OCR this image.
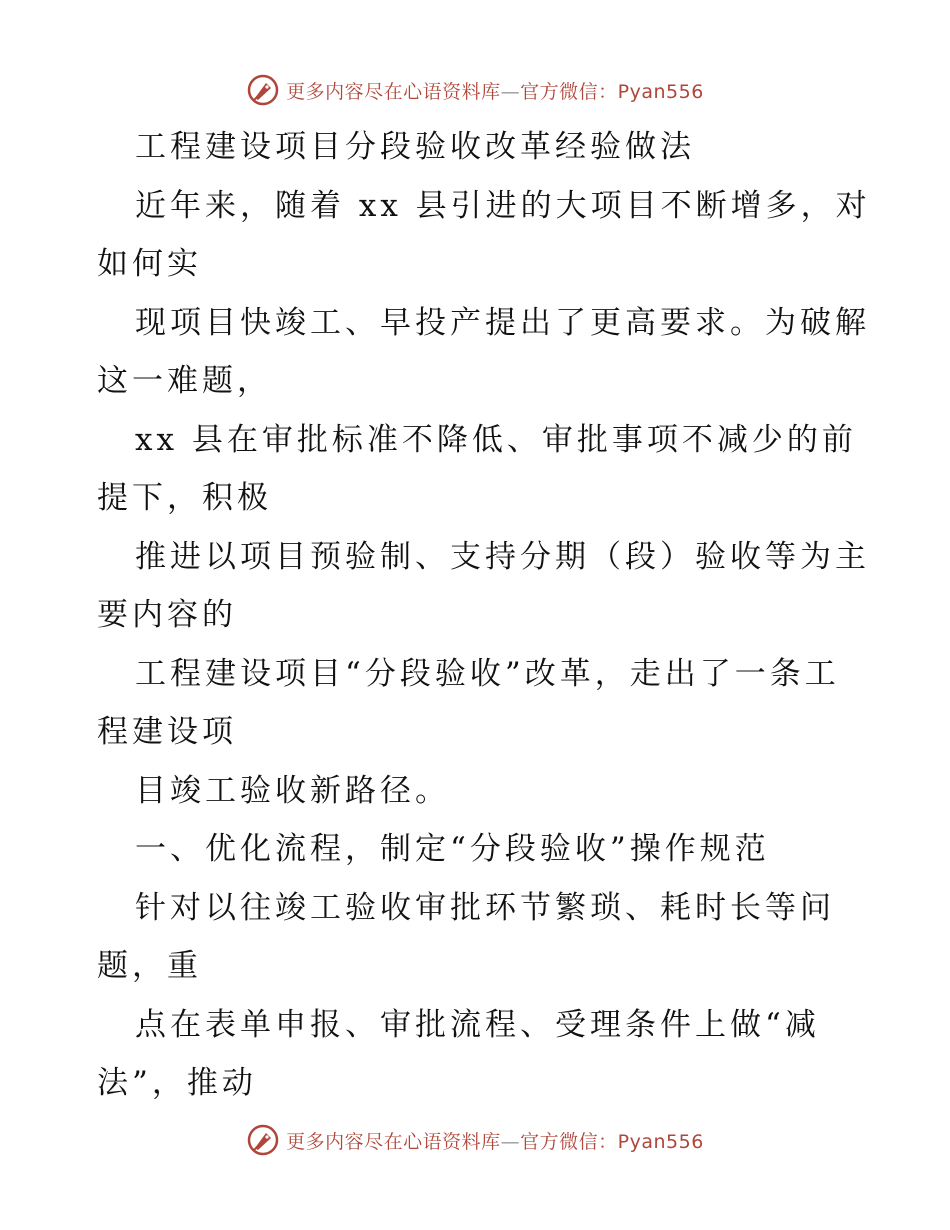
更多内容尽在心语资料库—官方微信：Pyan556
工程建设项目分段验收改革经验做法
近年来，随着 xx 县引进的大项目不断增多，对
如何实
现项目快竣工、早投产提出了更高要求。为破解
这一难题，
xx 县在审批标准不降低、审批事项不减少的前
提下，积极
推进以项目预验制、支持分期（段）验收等为主
要内容的
工程建设项目“分段验收”改革，走出了一条工
程建设项
目竣工验收新路径。
一、优化流程，制定“分段验收”操作规范
针对以往竣工验收审批环节繁琐、耗时长等问
题，重
点在表单申报、审批流程、受理条件上做“减
法”，推动
更多内容尽在心语资料库—官方微信：Pyan556
